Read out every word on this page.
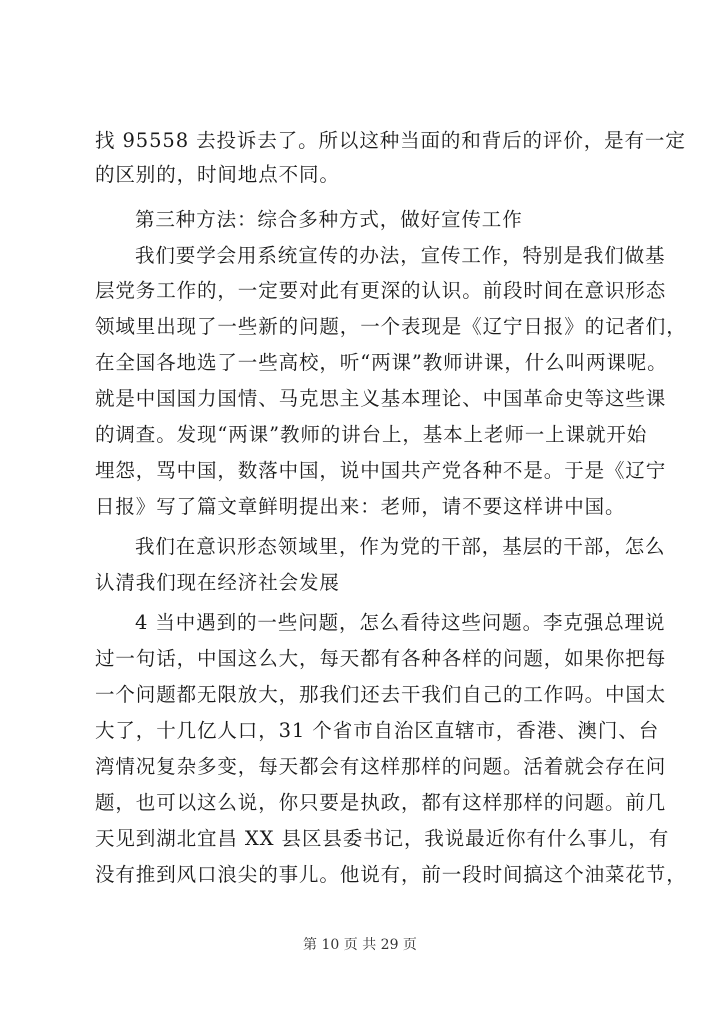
找 95558 去投诉去了。所以这种当面的和背后的评价，是有一定
的区别的，时间地点不同。
第三种方法：综合多种方式，做好宣传工作
我们要学会用系统宣传的办法，宣传工作，特别是我们做基
层党务工作的，一定要对此有更深的认识。前段时间在意识形态
领域里出现了一些新的问题，一个表现是《辽宁日报》的记者们，
在全国各地选了一些高校，听“两课”教师讲课，什么叫两课呢。
就是中国国力国情、马克思主义基本理论、中国革命史等这些课
的调查。发现“两课”教师的讲台上，基本上老师一上课就开始
埋怨，骂中国，数落中国，说中国共产党各种不是。于是《辽宁
日报》写了篇文章鲜明提出来：老师，请不要这样讲中国。
我们在意识形态领域里，作为党的干部，基层的干部，怎么
认清我们现在经济社会发展
4 当中遇到的一些问题，怎么看待这些问题。李克强总理说
过一句话，中国这么大，每天都有各种各样的问题，如果你把每
一个问题都无限放大，那我们还去干我们自己的工作吗。中国太
大了，十几亿人口，31 个省市自治区直辖市，香港、澳门、台
湾情况复杂多变，每天都会有这样那样的问题。活着就会存在问
题，也可以这么说，你只要是执政，都有这样那样的问题。前几
天见到湖北宜昌 XX 县区县委书记，我说最近你有什么事儿，有
没有推到风口浪尖的事儿。他说有，前一段时间搞这个油菜花节，
第 10 页 共 29 页
